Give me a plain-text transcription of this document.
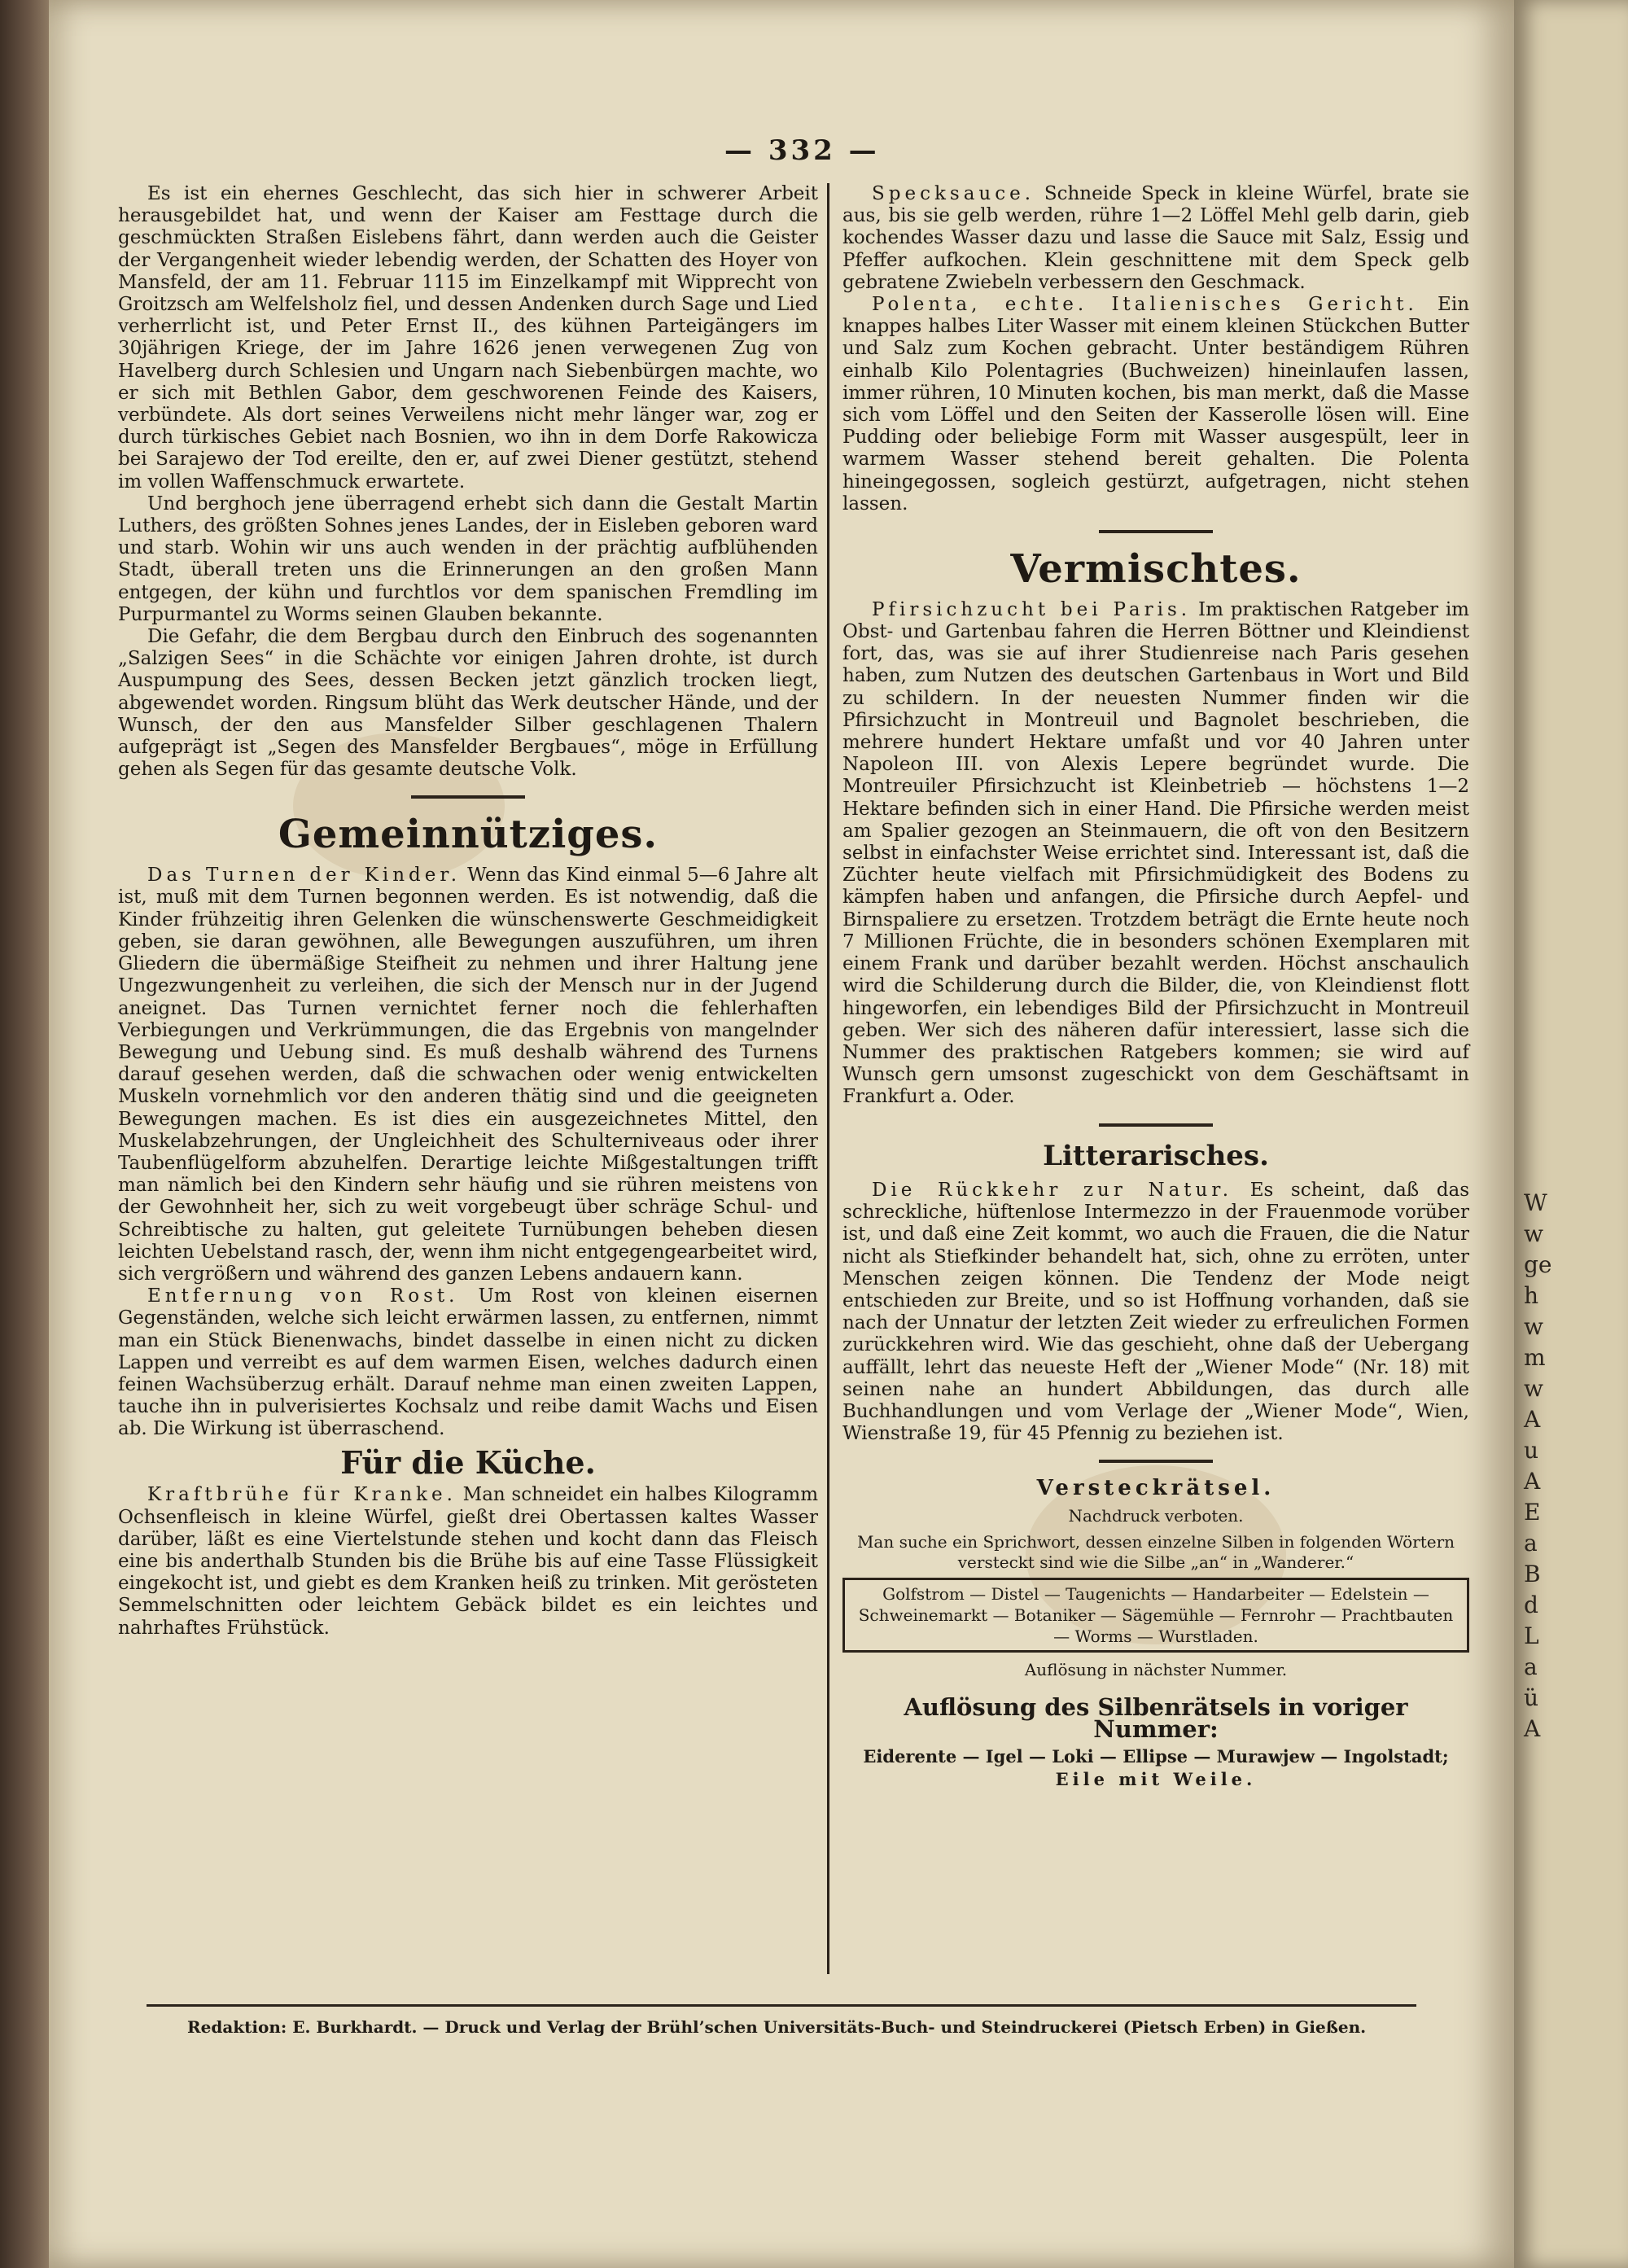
— 332 —

Es ist ein ehernes Geschlecht, das sich hier in schwerer Arbeit herausgebildet hat, und wenn der Kaiser am Festtage durch die geschmückten Straßen Eislebens fährt, dann werden auch die Geister der Vergangenheit wieder lebendig werden, der Schatten des Hoyer von Mansfeld, der am 11. Februar 1115 im Einzelkampf mit Wipprecht von Groitzsch am Welfelsholz fiel, und dessen Andenken durch Sage und Lied verherrlicht ist, und Peter Ernst II., des kühnen Parteigängers im 30jährigen Kriege, der im Jahre 1626 jenen verwegenen Zug von Havelberg durch Schlesien und Ungarn nach Siebenbürgen machte, wo er sich mit Bethlen Gabor, dem geschworenen Feinde des Kaisers, verbündete. Als dort seines Verweilens nicht mehr länger war, zog er durch türkisches Gebiet nach Bosnien, wo ihn in dem Dorfe Rakowicza bei Sarajewo der Tod ereilte, den er, auf zwei Diener gestützt, stehend im vollen Waffenschmuck erwartete.

Und berghoch jene überragend erhebt sich dann die Gestalt Martin Luthers, des größten Sohnes jenes Landes, der in Eisleben geboren ward und starb. Wohin wir uns auch wenden in der prächtig aufblühenden Stadt, überall treten uns die Erinnerungen an den großen Mann entgegen, der kühn und furchtlos vor dem spanischen Fremdling im Purpurmantel zu Worms seinen Glauben bekannte.

Die Gefahr, die dem Bergbau durch den Einbruch des sogenannten „Salzigen Sees“ in die Schächte vor einigen Jahren drohte, ist durch Auspumpung des Sees, dessen Becken jetzt gänzlich trocken liegt, abgewendet worden. Ringsum blüht das Werk deutscher Hände, und der Wunsch, der den aus Mansfelder Silber geschlagenen Thalern aufgeprägt ist „Segen des Mansfelder Bergbaues“, möge in Erfüllung gehen als Segen für das gesamte deutsche Volk.

Gemeinnütziges.

Das Turnen der Kinder. Wenn das Kind einmal 5—6 Jahre alt ist, muß mit dem Turnen begonnen werden. Es ist notwendig, daß die Kinder frühzeitig ihren Gelenken die wünschenswerte Geschmeidigkeit geben, sie daran gewöhnen, alle Bewegungen auszuführen, um ihren Gliedern die übermäßige Steifheit zu nehmen und ihrer Haltung jene Ungezwungenheit zu verleihen, die sich der Mensch nur in der Jugend aneignet. Das Turnen vernichtet ferner noch die fehlerhaften Verbiegungen und Verkrümmungen, die das Ergebnis von mangelnder Bewegung und Uebung sind. Es muß deshalb während des Turnens darauf gesehen werden, daß die schwachen oder wenig entwickelten Muskeln vornehmlich vor den anderen thätig sind und die geeigneten Bewegungen machen. Es ist dies ein ausgezeichnetes Mittel, den Muskelabzehrungen, der Ungleichheit des Schulterniveaus oder ihrer Taubenflügelform abzuhelfen. Derartige leichte Mißgestaltungen trifft man nämlich bei den Kindern sehr häufig und sie rühren meistens von der Gewohnheit her, sich zu weit vorgebeugt über schräge Schul- und Schreibtische zu halten, gut geleitete Turnübungen beheben diesen leichten Uebelstand rasch, der, wenn ihm nicht entgegengearbeitet wird, sich vergrößern und während des ganzen Lebens andauern kann.

Entfernung von Rost. Um Rost von kleinen eisernen Gegenständen, welche sich leicht erwärmen lassen, zu entfernen, nimmt man ein Stück Bienenwachs, bindet dasselbe in einen nicht zu dicken Lappen und verreibt es auf dem warmen Eisen, welches dadurch einen feinen Wachsüberzug erhält. Darauf nehme man einen zweiten Lappen, tauche ihn in pulverisiertes Kochsalz und reibe damit Wachs und Eisen ab. Die Wirkung ist überraschend.

Für die Küche.

Kraftbrühe für Kranke. Man schneidet ein halbes Kilogramm Ochsenfleisch in kleine Würfel, gießt drei Obertassen kaltes Wasser darüber, läßt es eine Viertelstunde stehen und kocht dann das Fleisch eine bis anderthalb Stunden bis die Brühe bis auf eine Tasse Flüssigkeit eingekocht ist, und giebt es dem Kranken heiß zu trinken. Mit gerösteten Semmelschnitten oder leichtem Gebäck bildet es ein leichtes und nahrhaftes Frühstück.

Specksauce. Schneide Speck in kleine Würfel, brate sie aus, bis sie gelb werden, rühre 1—2 Löffel Mehl gelb darin, gieb kochendes Wasser dazu und lasse die Sauce mit Salz, Essig und Pfeffer aufkochen. Klein geschnittene mit dem Speck gelb gebratene Zwiebeln verbessern den Geschmack.

Polenta, echte. Italienisches Gericht. Ein knappes halbes Liter Wasser mit einem kleinen Stückchen Butter und Salz zum Kochen gebracht. Unter beständigem Rühren einhalb Kilo Polentagries (Buchweizen) hineinlaufen lassen, immer rühren, 10 Minuten kochen, bis man merkt, daß die Masse sich vom Löffel und den Seiten der Kasserolle lösen will. Eine Pudding oder beliebige Form mit Wasser ausgespült, leer in warmem Wasser stehend bereit gehalten. Die Polenta hineingegossen, sogleich gestürzt, aufgetragen, nicht stehen lassen.

Vermischtes.

Pfirsichzucht bei Paris. Im praktischen Ratgeber im Obst- und Gartenbau fahren die Herren Böttner und Kleindienst fort, das, was sie auf ihrer Studienreise nach Paris gesehen haben, zum Nutzen des deutschen Gartenbaus in Wort und Bild zu schildern. In der neuesten Nummer finden wir die Pfirsichzucht in Montreuil und Bagnolet beschrieben, die mehrere hundert Hektare umfaßt und vor 40 Jahren unter Napoleon III. von Alexis Lepere begründet wurde. Die Montreuiler Pfirsichzucht ist Kleinbetrieb — höchstens 1—2 Hektare befinden sich in einer Hand. Die Pfirsiche werden meist am Spalier gezogen an Steinmauern, die oft von den Besitzern selbst in einfachster Weise errichtet sind. Interessant ist, daß die Züchter heute vielfach mit Pfirsichmüdigkeit des Bodens zu kämpfen haben und anfangen, die Pfirsiche durch Aepfel- und Birnspaliere zu ersetzen. Trotzdem beträgt die Ernte heute noch 7 Millionen Früchte, die in besonders schönen Exemplaren mit einem Frank und darüber bezahlt werden. Höchst anschaulich wird die Schilderung durch die Bilder, die, von Kleindienst flott hingeworfen, ein lebendiges Bild der Pfirsichzucht in Montreuil geben. Wer sich des näheren dafür interessiert, lasse sich die Nummer des praktischen Ratgebers kommen; sie wird auf Wunsch gern umsonst zugeschickt von dem Geschäftsamt in Frankfurt a. Oder.

Litterarisches.

Die Rückkehr zur Natur. Es scheint, daß das schreckliche, hüftenlose Intermezzo in der Frauenmode vorüber ist, und daß eine Zeit kommt, wo auch die Frauen, die die Natur nicht als Stiefkinder behandelt hat, sich, ohne zu erröten, unter Menschen zeigen können. Die Tendenz der Mode neigt entschieden zur Breite, und so ist Hoffnung vorhanden, daß sie nach der Unnatur der letzten Zeit wieder zu erfreulichen Formen zurückkehren wird. Wie das geschieht, ohne daß der Uebergang auffällt, lehrt das neueste Heft der „Wiener Mode“ (Nr. 18) mit seinen nahe an hundert Abbildungen, das durch alle Buchhandlungen und vom Verlage der „Wiener Mode“, Wien, Wienstraße 19, für 45 Pfennig zu beziehen ist.

Versteckrätsel.
Nachdruck verboten.
Man suche ein Sprichwort, dessen einzelne Silben in folgenden Wörtern versteckt sind wie die Silbe „an“ in „Wanderer.“
Golfstrom — Distel — Taugenichts — Handarbeiter — Edelstein — Schweinemarkt — Botaniker — Sägemühle — Fernrohr — Prachtbauten — Worms — Wurstladen.
Auflösung in nächster Nummer.
Auflösung des Silbenrätsels in voriger Nummer:
Eiderente — Igel — Loki — Ellipse — Murawjew — Ingolstadt;
Eile mit Weile.
Redaktion: E. Burkhardt. — Druck und Verlag der Brühl’schen Universitäts-Buch- und Steindruckerei (Pietsch Erben) in Gießen.
W
w
ge
h
w
m
w
A
u
A
E
a
B
d
L
a
ü
A
